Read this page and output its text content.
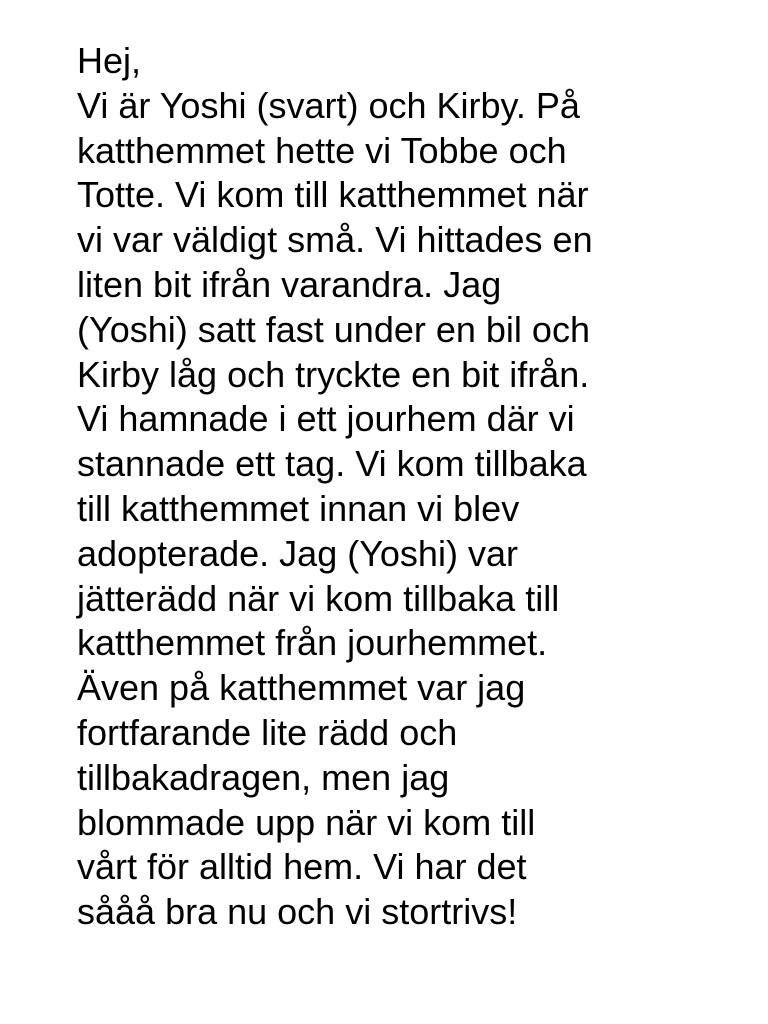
Hej,
Vi är Yoshi (svart) och Kirby. På
katthemmet hette vi Tobbe och
Totte. Vi kom till katthemmet när
vi var väldigt små. Vi hittades en
liten bit ifrån varandra. Jag
(Yoshi) satt fast under en bil och
Kirby låg och tryckte en bit ifrån.
Vi hamnade i ett jourhem där vi
stannade ett tag. Vi kom tillbaka
till katthemmet innan vi blev
adopterade. Jag (Yoshi) var
jätterädd när vi kom tillbaka till
katthemmet från jourhemmet.
Även på katthemmet var jag
fortfarande lite rädd och
tillbakadragen, men jag
blommade upp när vi kom till
vårt för alltid hem. Vi har det
sååå bra nu och vi stortrivs!
